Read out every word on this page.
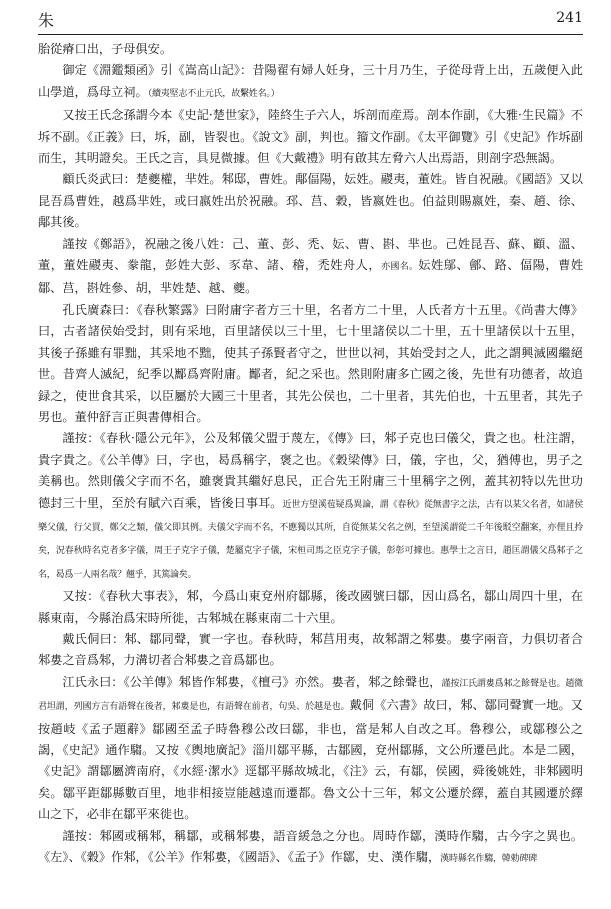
朱	241

胎從瘠口出，子母俱安。

御定《淵鑑類函》引《嵩高山記》：昔陽翟有婦人妊身，三十月乃生，子從母背上出，五歲便入此山學道，爲母立祠。（續夷堅志不止元氏，故繫姓名。）

又按王氏念孫謂今本《史記·楚世家》，陸終生子六人，坼剖而産焉。剖本作副，《大雅·生民篇》不坼不副。《正義》曰，坼，副，皆裂也。《說文》副，判也。籀文作副。《太平御覽》引《史記》作坼副而生，其明證矣。王氏之言，具見微據。但《大戴禮》明有啟其左脅六人出焉語，則剖字恐無謁。

顧氏炎武曰：楚夔權，芈姓。邾邸，曹姓。鄅偪陽，妘姓。鬷夷，董姓。皆自祝融。《國語》又以昆吾爲曹姓，越爲芈姓，或曰嬴姓出於祝融。邳、莒、穀，皆嬴姓也。伯益則賜嬴姓，秦、趙、徐、鄅其後。

謹按《鄭語》，祝融之後八姓：己、董、彭、禿、妘、曹、斟、芈也。己姓昆吾、蘇、顧、溫、董，董姓鬷夷、豢龍，彭姓大彭、豕韋、諸、稽，禿姓舟人，亦國名。妘姓鄔、鄶、路、偪陽，曹姓鄒、莒，斟姓參、胡，芈姓楚、越、夔。

孔氏廣森曰：《春秋繁露》曰附庸字者方三十里，名者方二十里，人氏者方十五里。《尚書大傳》曰，古者諸侯始受封，則有采地，百里諸侯以三十里，七十里諸侯以二十里，五十里諸侯以十五里，其後子孫雖有罪黜，其采地不黜，使其子孫賢者守之，世世以祠，其始受封之人，此之謂興滅國繼絕世。昔齊人滅紀，紀季以酅爲齊附庸。酅者，紀之采也。然則附庸多亡國之後，先世有功德者，故追録之，使世食其采，以臣屬於大國三十里者，其先公侯也，二十里者，其先伯也，十五里者，其先子男也。董仲舒言正與書傳相合。

謹按：《春秋·隱公元年》，公及邾儀父盟于蔑左，《傳》曰，邾子克也曰儀父，貴之也。杜注謂，貴字貴之。《公羊傳》曰，字也，曷爲稱字，褒之也。《穀梁傳》曰，儀，字也，父，猶傅也，男子之美稱也。然則儀父字而不名，雖褒貴其繼好息民，正合先王附庸三十里稱字之例，蓋其初特以先世功德封三十里，至於有賦六百乘，皆後日事耳。近世方望溪苞疑爲異論，謂《春秋》從無書字之法，古有以某父名者，如諸侯樂父儀，行父買，鄭父之類，儀父即其例。夫儀父字而不名，不應獨以其所，自從無某父名之例，至望溪謂從二千年後駁空翻案，亦俚且拎矣，況春秋時名克者多字儀，周王子克字子儀，楚屬克字子儀，宋桓司馬之臣克字子儀，彰彰可據也。惠學士之言日，趙匡謂儀父爲邾子之名，曷爲一人兩名哉？翹乎，其篤論矣。

又按：《春秋大事表》，邾，今爲山東兗州府鄒縣，後改國號曰鄒，因山爲名，鄒山周四十里，在縣東南，今縣治爲宋時所徙，古邾城在縣東南二十六里。

戴氏侗曰：邾、鄒同聲，實一字也。春秋時，邾莒用夷，故邾謂之邾婁。婁字兩音，力俱切者合邾婁之音爲邾，力溝切者合邾婁之音爲鄒也。

江氏永曰：《公羊傳》邾皆作邾婁，《檀弓》亦然。婁者，邾之餘聲也，謹按江氏謂婁爲邾之餘聲是也。趙微君坦謂，列國方言有語聲在後者，邾婁是也，有語聲在前者，句吳、於越是也。戴侗《六書》故曰，邾、鄒同聲實一地。又按趙岐《孟子題辭》鄒國至孟子時魯穆公改曰鄒，非也，當是邾人自改之耳。魯穆公，或鄒穆公之謁，《史記》通作騶。又按《輿地廣記》淄川鄒平縣，古鄒國，兗州鄒縣，文公所遷邑此。本是二國，《史記》謂鄒屬濟南府，《水經·潔水》逕鄒平縣故城北，《注》云，有鄒，侯國，舜後姚姓，非邾國明矣。鄒平距鄒縣數百里，地非相接豈能越遠而遷都。魯文公十三年，邾文公遷於繹，蓋自其國遷於繹山之下，必非在鄒平來徙也。

謹按：邾國或稱邾，稱鄒，或稱邾婁，語音緩急之分也。周時作鄒，漢時作騶，古今字之異也。《左》、《穀》作邾，《公羊》作邾婁，《國語》、《孟子》作鄒，史、漢作騶，漢時縣名作騶，韓勅碑碑
